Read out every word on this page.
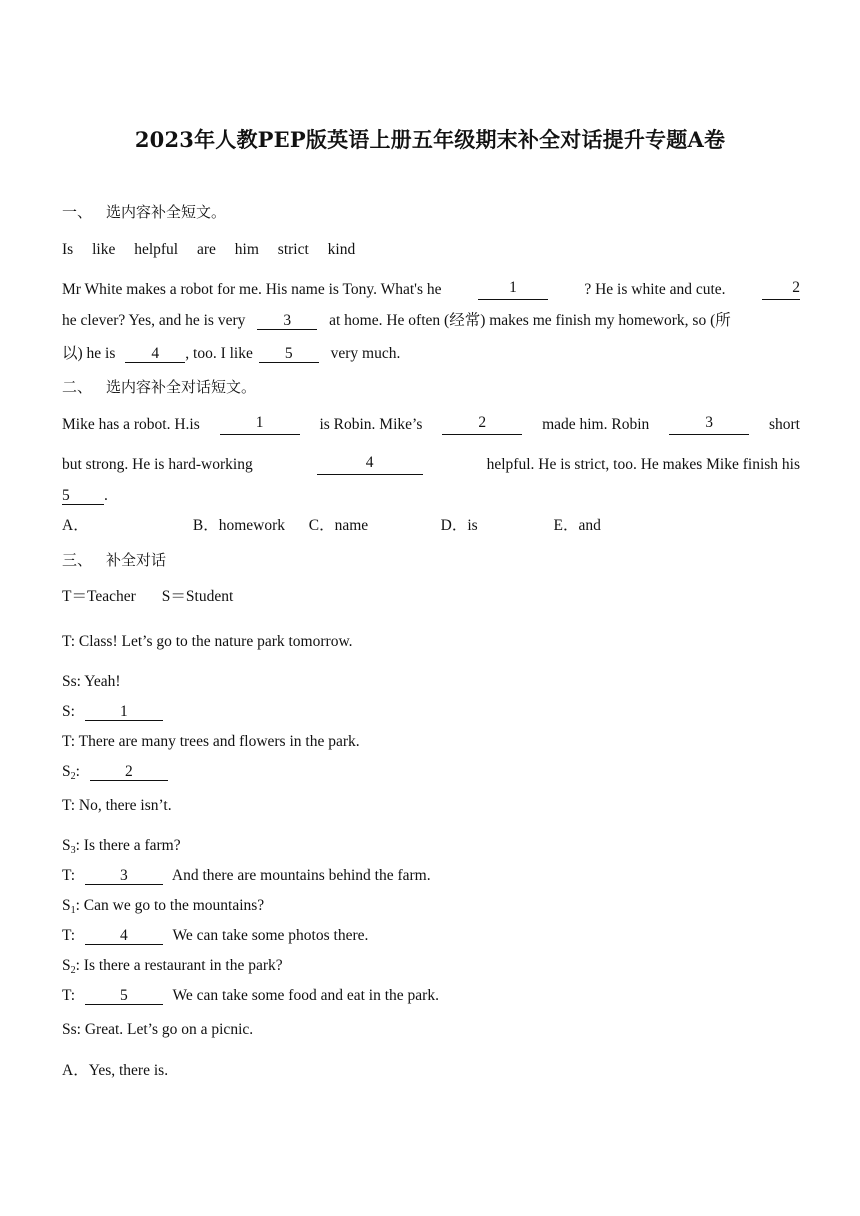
2023年人教PEP版英语上册五年级期末补全对话提升专题A卷
一、 选内容补全短文。
Is like helpful are him strict kind
Mr White makes a robot for me. His name is Tony. What's he	1	? He is white and cute.	2
he clever? Yes, and he is very 3 at home. He often (经常) makes me finish my homework, so (所
以) he is 4 , too. I like 5 very much.
二、 选内容补全对话短文。
Mike has a robot. H.is	1	is Robin. Mike’s	2	made him. Robin	3	short
but strong. He is hard-working	4	helpful. He is strict, too. He makes Mike finish his
5 .
A．	B．homework C．name	D．is	E．and
三、 补全对话
T＝Teacher S＝Student
T: Class! Let’s go to the nature park tomorrow.
Ss: Yeah!
S:	1
T: There are many trees and flowers in the park.
$S_2$:	2
T: No, there isn’t.
$S_3$: Is there a farm?
T:	3	And there are mountains behind the farm.
$S_1$: Can we go to the mountains?
T:	4	We can take some photos there.
$S_2$: Is there a restaurant in the park?
T:	5	We can take some food and eat in the park.
Ss: Great. Let’s go on a picnic.
A．Yes, there is.
